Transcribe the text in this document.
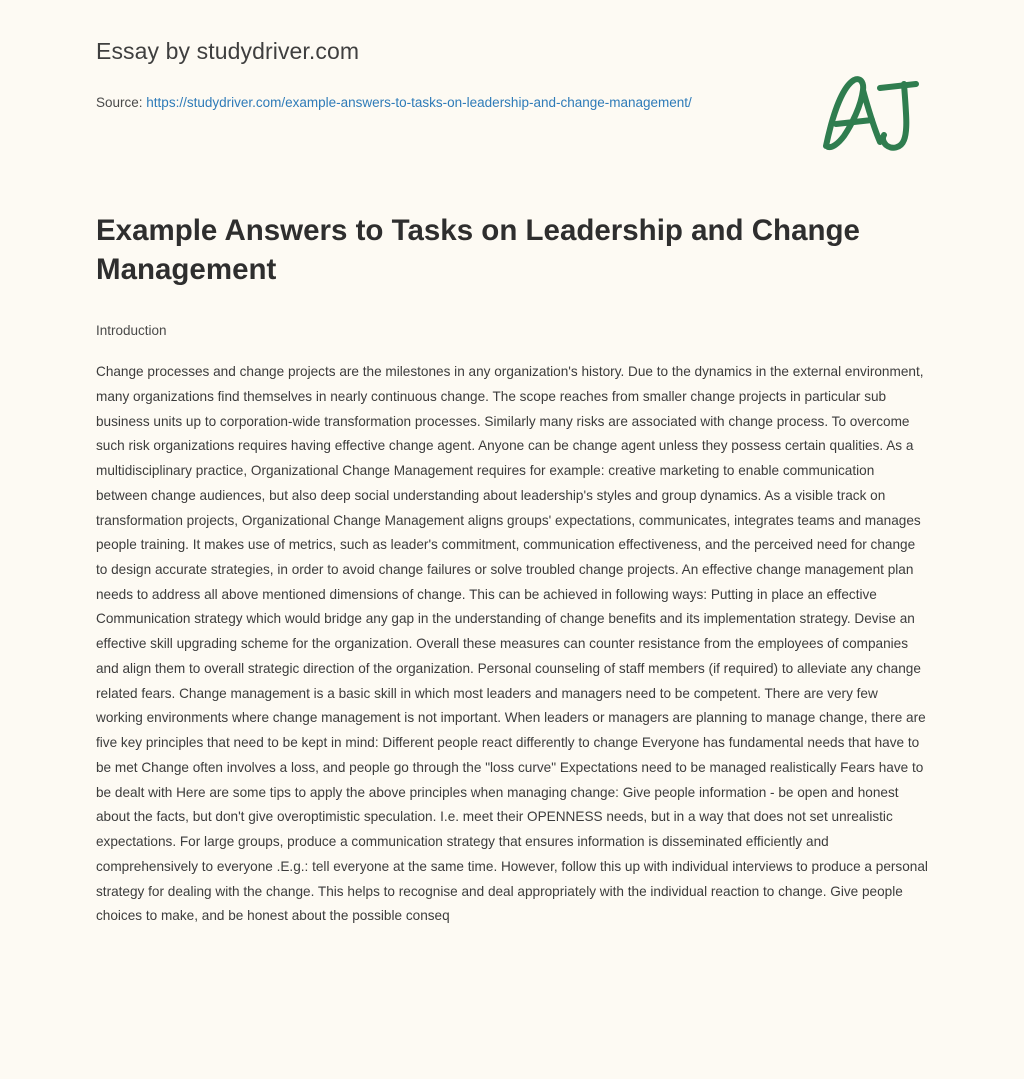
Essay by studydriver.com
Source: https://studydriver.com/example-answers-to-tasks-on-leadership-and-change-management/
Example Answers to Tasks on Leadership and Change Management
Introduction
Change processes and change projects are the milestones in any organization's history. Due to the dynamics in the external environment, many organizations find themselves in nearly continuous change. The scope reaches from smaller change projects in particular sub business units up to corporation-wide transformation processes. Similarly many risks are associated with change process. To overcome such risk organizations requires having effective change agent. Anyone can be change agent unless they possess certain qualities. As a multidisciplinary practice, Organizational Change Management requires for example: creative marketing to enable communication between change audiences, but also deep social understanding about leadership's styles and group dynamics. As a visible track on transformation projects, Organizational Change Management aligns groups' expectations, communicates, integrates teams and manages people training. It makes use of metrics, such as leader's commitment, communication effectiveness, and the perceived need for change to design accurate strategies, in order to avoid change failures or solve troubled change projects. An effective change management plan needs to address all above mentioned dimensions of change. This can be achieved in following ways: Putting in place an effective Communication strategy which would bridge any gap in the understanding of change benefits and its implementation strategy. Devise an effective skill upgrading scheme for the organization. Overall these measures can counter resistance from the employees of companies and align them to overall strategic direction of the organization. Personal counseling of staff members (if required) to alleviate any change related fears. Change management is a basic skill in which most leaders and managers need to be competent. There are very few working environments where change management is not important. When leaders or managers are planning to manage change, there are five key principles that need to be kept in mind: Different people react differently to change Everyone has fundamental needs that have to be met Change often involves a loss, and people go through the "loss curve" Expectations need to be managed realistically Fears have to be dealt with Here are some tips to apply the above principles when managing change: Give people information - be open and honest about the facts, but don't give overoptimistic speculation. I.e. meet their OPENNESS needs, but in a way that does not set unrealistic expectations. For large groups, produce a communication strategy that ensures information is disseminated efficiently and comprehensively to everyone .E.g.: tell everyone at the same time. However, follow this up with individual interviews to produce a personal strategy for dealing with the change. This helps to recognise and deal appropriately with the individual reaction to change. Give people choices to make, and be honest about the possible conseq
